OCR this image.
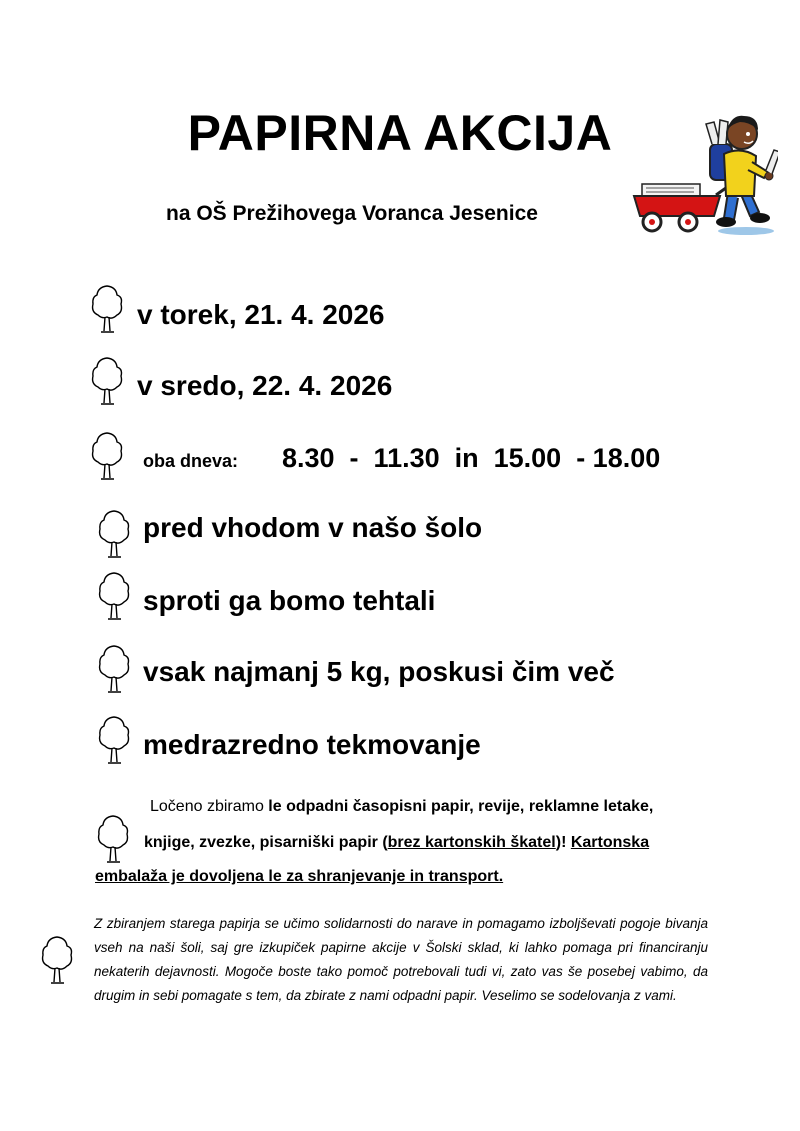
PAPIRNA AKCIJA
na OŠ Prežihovega Voranca Jesenice
v torek, 21. 4. 2026
v sredo, 22. 4. 2026
oba dneva: 8.30  -  11.30  in  15.00  - 18.00
pred vhodom v našo šolo
sproti ga bomo tehtali
vsak najmanj 5 kg, poskusi čim več
medrazredno tekmovanje
Ločeno zbiramo le odpadni časopisni papir, revije, reklamne letake,
knjige, zvezke, pisarniški papir (brez kartonskih škatel)! Kartonska
embalaža je dovoljena le za shranjevanje in transport.
Z zbiranjem starega papirja se učimo solidarnosti do narave in pomagamo izboljševati pogoje bivanja vseh na naši šoli, saj gre izkupiček papirne akcije v Šolski sklad, ki lahko pomaga pri financiranju nekaterih dejavnosti. Mogoče boste tako pomoč potrebovali tudi vi, zato vas še posebej vabimo, da drugim in sebi pomagate s tem, da zbirate z nami odpadni papir. Veselimo se sodelovanja z vami.
